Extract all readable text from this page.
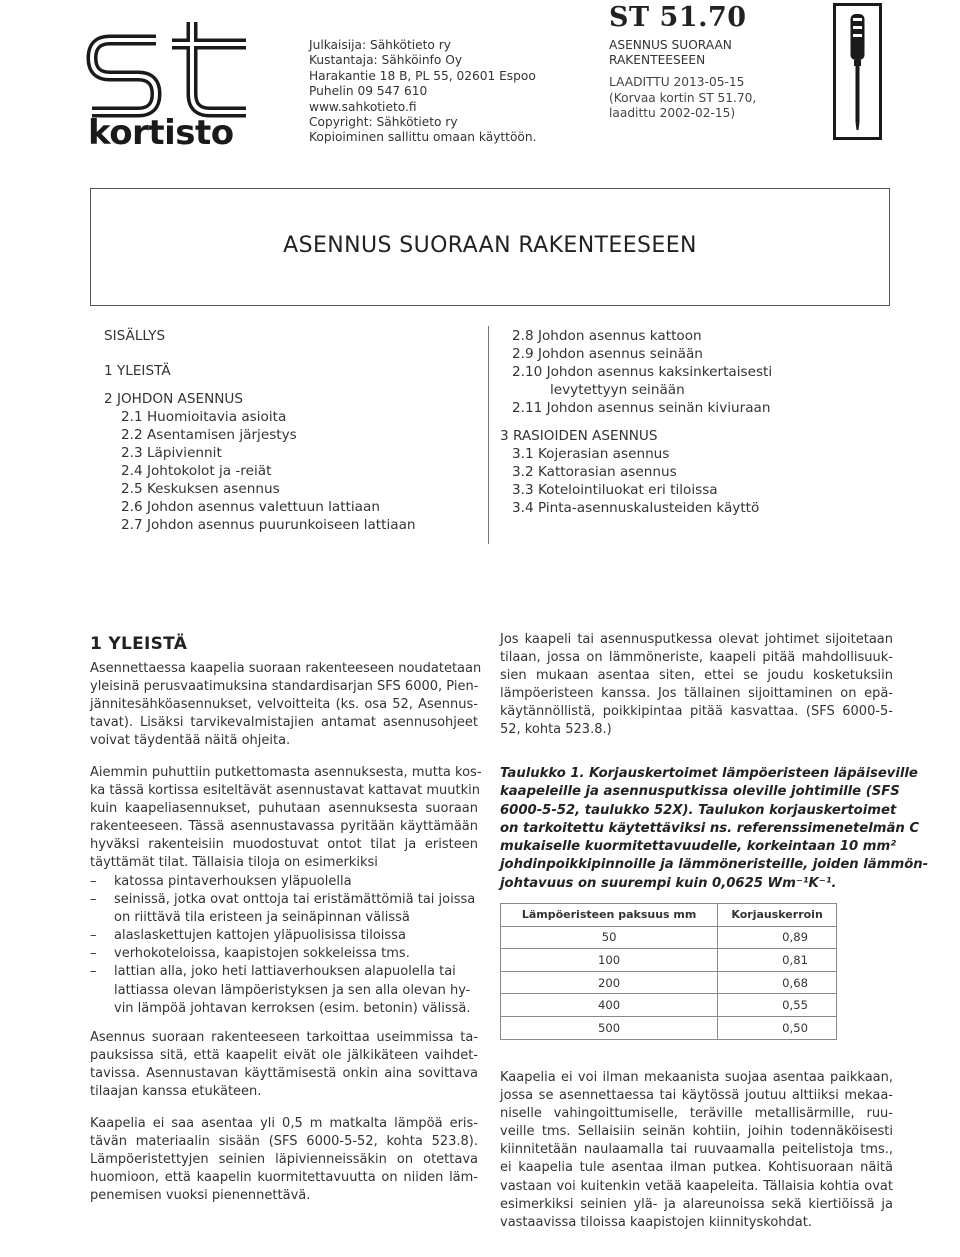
kortisto
Julkaisija: Sähkötieto ry
Kustantaja: Sähköinfo Oy
Harakantie 18 B, PL 55, 02601 Espoo
Puhelin 09 547 610
www.sahkotieto.fi
Copyright: Sähkötieto ry
Kopioiminen sallittu omaan käyttöön.
ST 51.70
ASENNUS SUORAAN
RAKENTEESEEN
LAADITTU 2013-05-15
(Korvaa kortin ST 51.70,
laadittu 2002-02-15)
ASENNUS SUORAAN RAKENTEESEEN
SISÄLLYS
1 YLEISTÄ
2 JOHDON ASENNUS
2.1 Huomioitavia asioita
2.2 Asentamisen järjestys
2.3 Läpiviennit
2.4 Johtokolot ja -reiät
2.5 Keskuksen asennus
2.6 Johdon asennus valettuun lattiaan
2.7 Johdon asennus puurunkoiseen lattiaan
2.8 Johdon asennus kattoon
2.9 Johdon asennus seinään
2.10 Johdon asennus kaksinkertaisesti
levytettyyn seinään
2.11 Johdon asennus seinän kiviuraan
3 RASIOIDEN ASENNUS
3.1 Kojerasian asennus
3.2 Kattorasian asennus
3.3 Kotelointiluokat eri tiloissa
3.4 Pinta-asennuskalusteiden käyttö
1 YLEISTÄ
Asennettaessa kaapelia suoraan rakenteeseen noudatetaan
yleisinä perusvaatimuksina standardisarjan SFS 6000, Pien-
jännitesähköasennukset, velvoitteita (ks. osa 52, Asennus-
tavat). Lisäksi tarvikevalmistajien antamat asennusohjeet
voivat täydentää näitä ohjeita.
Aiemmin puhuttiin putkettomasta asennuksesta, mutta kos-
ka tässä kortissa esiteltävät asennustavat kattavat muutkin
kuin kaapeliasennukset, puhutaan asennuksesta suoraan
rakenteeseen. Tässä asennustavassa pyritään käyttämään
hyväksi rakenteisiin muodostuvat ontot tilat ja eristeen
täyttämät tilat. Tällaisia tiloja on esimerkiksi
– katossa pintaverhouksen yläpuolella
– seinissä, jotka ovat onttoja tai eristämättömiä tai joissa
on riittävä tila eristeen ja seinäpinnan välissä
– alaslaskettujen kattojen yläpuolisissa tiloissa
– verhokoteloissa, kaapistojen sokkeleissa tms.
– lattian alla, joko heti lattiaverhouksen alapuolella tai
lattiassa olevan lämpöeristyksen ja sen alla olevan hy-
vin lämpöä johtavan kerroksen (esim. betonin) välissä.
Asennus suoraan rakenteeseen tarkoittaa useimmissa ta-
pauksissa sitä, että kaapelit eivät ole jälkikäteen vaihdet-
tavissa. Asennustavan käyttämisestä onkin aina sovittava
tilaajan kanssa etukäteen.
Kaapelia ei saa asentaa yli 0,5 m matkalta lämpöä eris-
tävän materiaalin sisään (SFS 6000-5-52, kohta 523.8).
Lämpöeristettyjen seinien läpivienneissäkin on otettava
huomioon, että kaapelin kuormitettavuutta on niiden läm-
penemisen vuoksi pienennettävä.
Jos kaapeli tai asennusputkessa olevat johtimet sijoitetaan
tilaan, jossa on lämmöneriste, kaapeli pitää mahdollisuuk-
sien mukaan asentaa siten, ettei se joudu kosketuksiin
lämpöeristeen kanssa. Jos tällainen sijoittaminen on epä-
käytännöllistä, poikkipintaa pitää kasvattaa. (SFS 6000-5-
52, kohta 523.8.)
Taulukko 1. Korjauskertoimet lämpöeristeen läpäiseville
kaapeleille ja asennusputkissa oleville johtimille (SFS
6000-5-52, taulukko 52X). Taulukon korjauskertoimet
on tarkoitettu käytettäviksi ns. referenssimenetelmän C
mukaiselle kuormitettavuudelle, korkeintaan 10 mm²
johdinpoikkipinnoille ja lämmöneristeille, joiden lämmön-
johtavuus on suurempi kuin 0,0625 Wm⁻¹K⁻¹.
Lämpöeristeen paksuus mm	Korjauskerroin
50	0,89
100	0,81
200	0,68
400	0,55
500	0,50
Kaapelia ei voi ilman mekaanista suojaa asentaa paikkaan,
jossa se asennettaessa tai käytössä joutuu alttiiksi mekaa-
niselle vahingoittumiselle, teräville metallisärmille, ruu-
veille tms. Sellaisiin seinän kohtiin, joihin todennäköisesti
kiinnitetään naulaamalla tai ruuvaamalla peitelistoja tms.,
ei kaapelia tule asentaa ilman putkea. Kohtisuoraan näitä
vastaan voi kuitenkin vetää kaapeleita. Tällaisia kohtia ovat
esimerkiksi seinien ylä- ja alareunoissa sekä kiertiöissä ja
vastaavissa tiloissa kaapistojen kiinnityskohdat.
